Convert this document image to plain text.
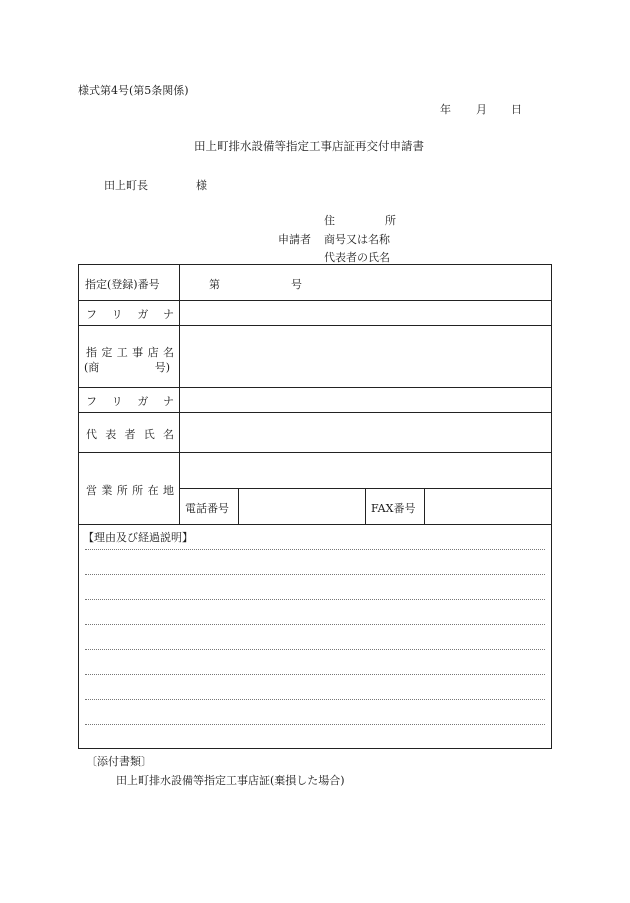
様式第4号(第5条関係)
年 月 日
田上町排水設備等指定工事店証再交付申請書
田上町長	様
住	所
申請者 商号又は名称
代表者の氏名
指定(登録)番号	第	号
フ リ ガ ナ
指 定 工 事 店 名
(商	号)
フ リ ガ ナ
代 表 者 氏 名
営 業 所 所 在 地
電話番号	FAX番号
【理由及び経過説明】
〔添付書類〕
田上町排水設備等指定工事店証(棄損した場合)
